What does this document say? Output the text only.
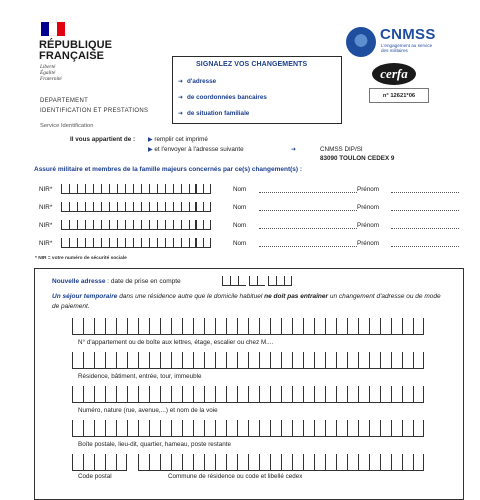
RÉPUBLIQUE
FRANÇAISE
Liberté
Égalité
Fraternité
DEPARTEMENT
IDENTIFICATION ET PRESTATIONS
Service Identification
SIGNALEZ VOS CHANGEMENTS
➜ d'adresse
➜ de coordonnées bancaires
➜ de situation familiale
CNMSS
L'engagement au service
des militaires
cerfa
n° 12621*06
Il vous appartient de : ▶ remplir cet imprimé
▶ et l'envoyer à l'adresse suivante	➜	CNMSS DIP/SI
83090 TOULON CEDEX 9
Assuré militaire et membres de la famille majeurs concernés par ce(s) changement(s) :
NIR*	Nom	Prénom
NIR*	Nom	Prénom
NIR*	Nom	Prénom
NIR*	Nom	Prénom
* NIR = votre numéro de sécurité sociale
Nouvelle adresse : date de prise en compte
Un séjour temporaire dans une résidence autre que le domicile habituel ne doit pas entraîner un changement d'adresse ou de mode de paiement.
N° d'appartement ou de boîte aux lettres, étage, escalier ou chez M....
Résidence, bâtiment, entrée, tour, immeuble
Numéro, nature (rue, avenue,...) et nom de la voie
Boîte postale, lieu-dit, quartier, hameau, poste restante
Code postal	Commune de résidence ou code et libellé cedex
